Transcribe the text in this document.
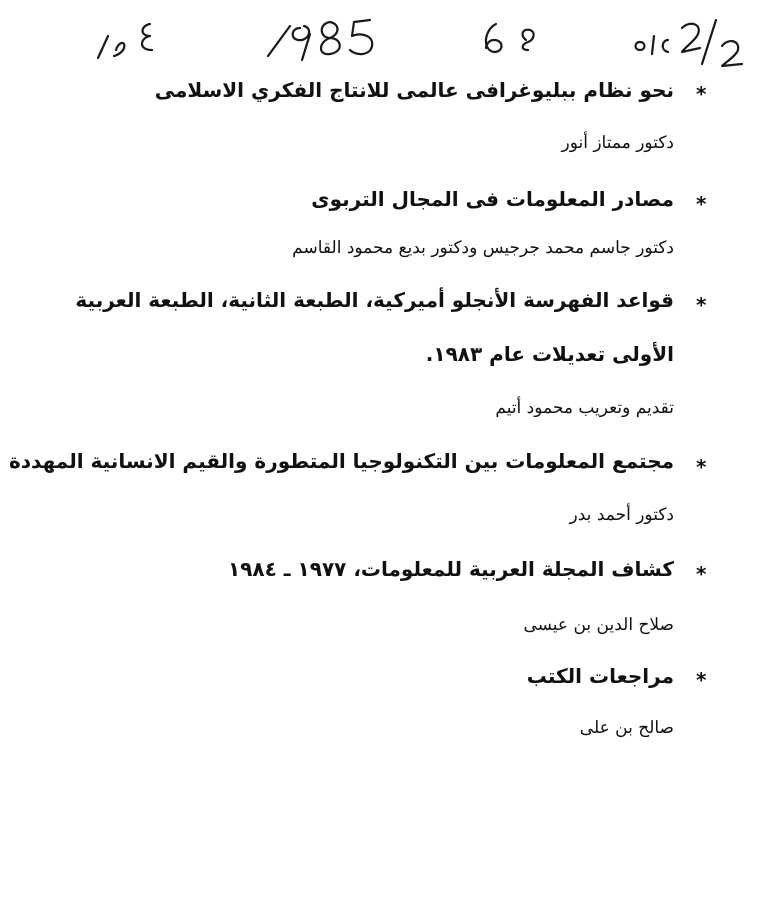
*
نحو نظام ببليوغرافى عالمى للانتاج الفكري الاسلامى
دكتور ممتاز أنور
*
مصادر المعلومات فى المجال التربوى
دكتور جاسم محمد جرجيس ودكتور بديع محمود القاسم
*
قواعد الفهرسة الأنجلو أميركية، الطبعة الثانية، الطبعة العربية
الأولى تعديلات عام ١٩٨٣.
تقديم وتعريب محمود أتيم
*
مجتمع المعلومات بين التكنولوجيا المتطورة والقيم الانسانية المهددة
دكتور أحمد بدر
*
كشاف المجلة العربية للمعلومات، ١٩٧٧ ـ ١٩٨٤
صلاح الدين بن عيسى
*
مراجعات الكتب
صالح بن على
